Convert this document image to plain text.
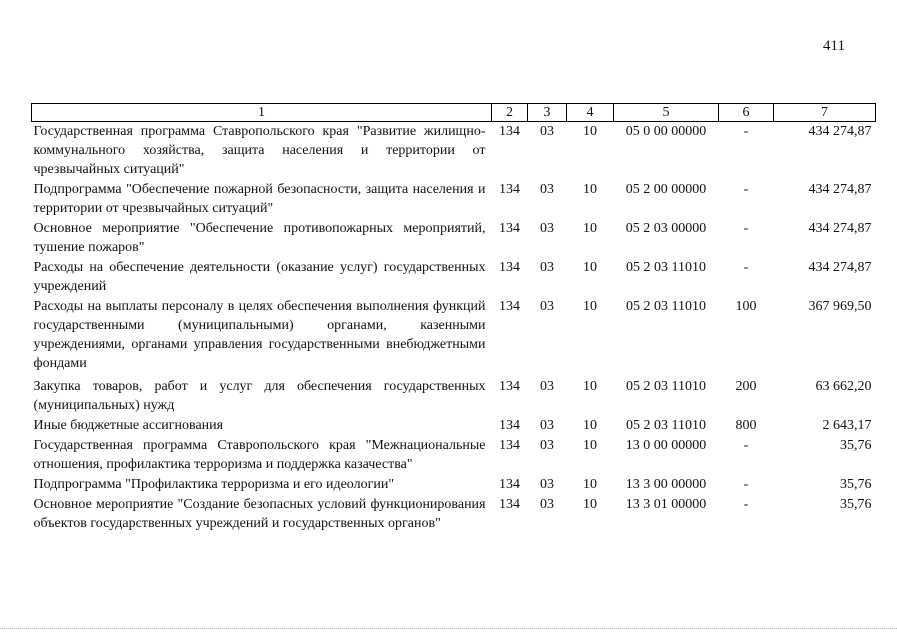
411
1	2	3	4	5	6	7
Государственная программа Ставропольского края "Развитие жилищно-коммунального хозяйства, защита населения и территории от чрезвычайных ситуаций"	134	03	10	05 0 00 00000	-	434 274,87
Подпрограмма "Обеспечение пожарной безопасности, защита населения и территории от чрезвычайных ситуаций"	134	03	10	05 2 00 00000	-	434 274,87
Основное мероприятие "Обеспечение противопожарных мероприятий, тушение пожаров"	134	03	10	05 2 03 00000	-	434 274,87
Расходы на обеспечение деятельности (оказание услуг) государственных учреждений	134	03	10	05 2 03 11010	-	434 274,87
Расходы на выплаты персоналу в целях обеспечения выполнения функций государственными (муниципальными) органами, казенными учреждениями, органами управления государственными внебюджетными фондами	134	03	10	05 2 03 11010	100	367 969,50
Закупка товаров, работ и услуг для обеспечения государственных (муниципальных) нужд	134	03	10	05 2 03 11010	200	63 662,20
Иные бюджетные ассигнования	134	03	10	05 2 03 11010	800	2 643,17
Государственная программа Ставропольского края "Межнациональные отношения, профилактика терроризма и поддержка казачества"	134	03	10	13 0 00 00000	-	35,76
Подпрограмма "Профилактика терроризма и его идеологии"	134	03	10	13 3 00 00000	-	35,76
Основное мероприятие "Создание безопасных условий функционирования объектов государственных учреждений и государственных органов"	134	03	10	13 3 01 00000	-	35,76
